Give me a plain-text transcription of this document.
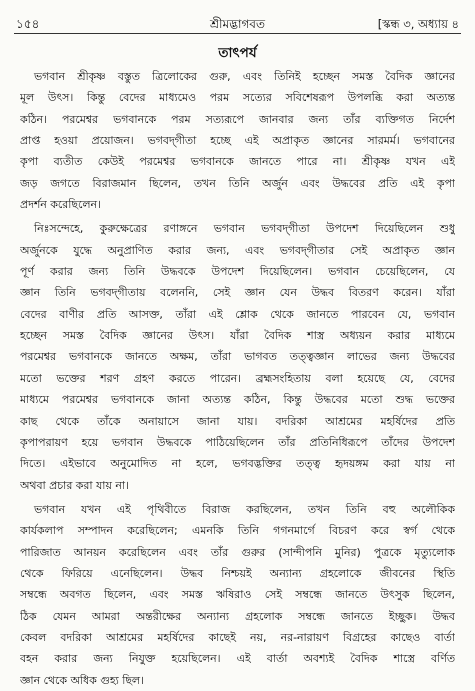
১৫৪	শ্রীমদ্ভাগবত	[স্কন্ধ ৩, অধ্যায় ৪
তাৎপর্য
ভগবান শ্রীকৃষ্ণ বস্তুত ত্রিলোকের গুরু, এবং তিনিই হচ্ছেন সমস্ত বৈদিক জ্ঞানের
মূল উৎস। কিন্তু বেদের মাধ্যমেও পরম সত্যের সবিশেষরূপ উপলব্ধি করা অত্যন্ত
কঠিন। পরমেশ্বর ভগবানকে পরম সত্যরূপে জানবার জন্য তাঁর ব্যক্তিগত নির্দেশ
প্রাপ্ত হওয়া প্রয়োজন। ভগবদ্‌গীতা হচ্ছে এই অপ্রাকৃত জ্ঞানের সারমর্ম। ভগবানের
কৃপা ব্যতীত কেউই পরমেশ্বর ভগবানকে জানতে পারে না। শ্রীকৃষ্ণ যখন এই
জড় জগতে বিরাজমান ছিলেন, তখন তিনি অর্জুন এবং উদ্ধবের প্রতি এই কৃপা
প্রদর্শন করেছিলেন।
নিঃসন্দেহে, কুরুক্ষেত্রের রণাঙ্গনে ভগবান ভগবদ্‌গীতা উপদেশ দিয়েছিলেন শুধু
অর্জুনকে যুদ্ধে অনুপ্রাণিত করার জন্য, এবং ভগবদ্‌গীতার সেই অপ্রাকৃত জ্ঞান
পূর্ণ করার জন্য তিনি উদ্ধবকে উপদেশ দিয়েছিলেন। ভগবান চেয়েছিলেন, যে
জ্ঞান তিনি ভগবদ্‌গীতায় বলেননি, সেই জ্ঞান যেন উদ্ধব বিতরণ করেন। যাঁরা
বেদের বাণীর প্রতি আসক্ত, তাঁরা এই শ্লোক থেকে জানতে পারবেন যে, ভগবান
হচ্ছেন সমস্ত বৈদিক জ্ঞানের উৎস। যাঁরা বৈদিক শাস্ত্র অধ্যয়ন করার মাধ্যমে
পরমেশ্বর ভগবানকে জানতে অক্ষম, তাঁরা ভাগবত তত্ত্বজ্ঞান লাভের জন্য উদ্ধবের
মতো ভক্তের শরণ গ্রহণ করতে পারেন। ব্রহ্মসংহিতায় বলা হয়েছে যে, বেদের
মাধ্যমে পরমেশ্বর ভগবানকে জানা অত্যন্ত কঠিন, কিন্তু উদ্ধবের মতো শুদ্ধ ভক্তের
কাছ থেকে তাঁকে অনায়াসে জানা যায়। বদরিকা আশ্রমের মহর্ষিদের প্রতি
কৃপাপরায়ণ হয়ে ভগবান উদ্ধবকে পাঠিয়েছিলেন তাঁর প্রতিনিধিরূপে তাঁদের উপদেশ
দিতে। এইভাবে অনুমোদিত না হলে, ভগবদ্ভক্তির তত্ত্ব হৃদয়ঙ্গম করা যায় না
অথবা প্রচার করা যায় না।
ভগবান যখন এই পৃথিবীতে বিরাজ করছিলেন, তখন তিনি বহু অলৌকিক
কার্যকলাপ সম্পাদন করেছিলেন; এমনকি তিনি গগনমার্গে বিচরণ করে স্বর্গ থেকে
পারিজাত আনয়ন করেছিলেন এবং তাঁর গুরুর (সান্দীপনি মুনির) পুত্রকে মৃত্যুলোক
থেকে ফিরিয়ে এনেছিলেন। উদ্ধব নিশ্চয়ই অন্যান্য গ্রহলোকে জীবনের স্থিতি
সম্বন্ধে অবগত ছিলেন, এবং সমস্ত ঋষিরাও সেই সম্বন্ধে জানতে উৎসুক ছিলেন,
ঠিক যেমন আমরা অন্তরীক্ষের অন্যান্য গ্রহলোক সম্বন্ধে জানতে ইচ্ছুক। উদ্ধব
কেবল বদরিকা আশ্রমের মহর্ষিদের কাছেই নয়, নর-নারায়ণ বিগ্রহের কাছেও বার্তা
বহন করার জন্য নিযুক্ত হয়েছিলেন। এই বার্তা অবশ্যই বৈদিক শাস্ত্রে বর্ণিত
জ্ঞান থেকে অধিক গুহ্য ছিল।
